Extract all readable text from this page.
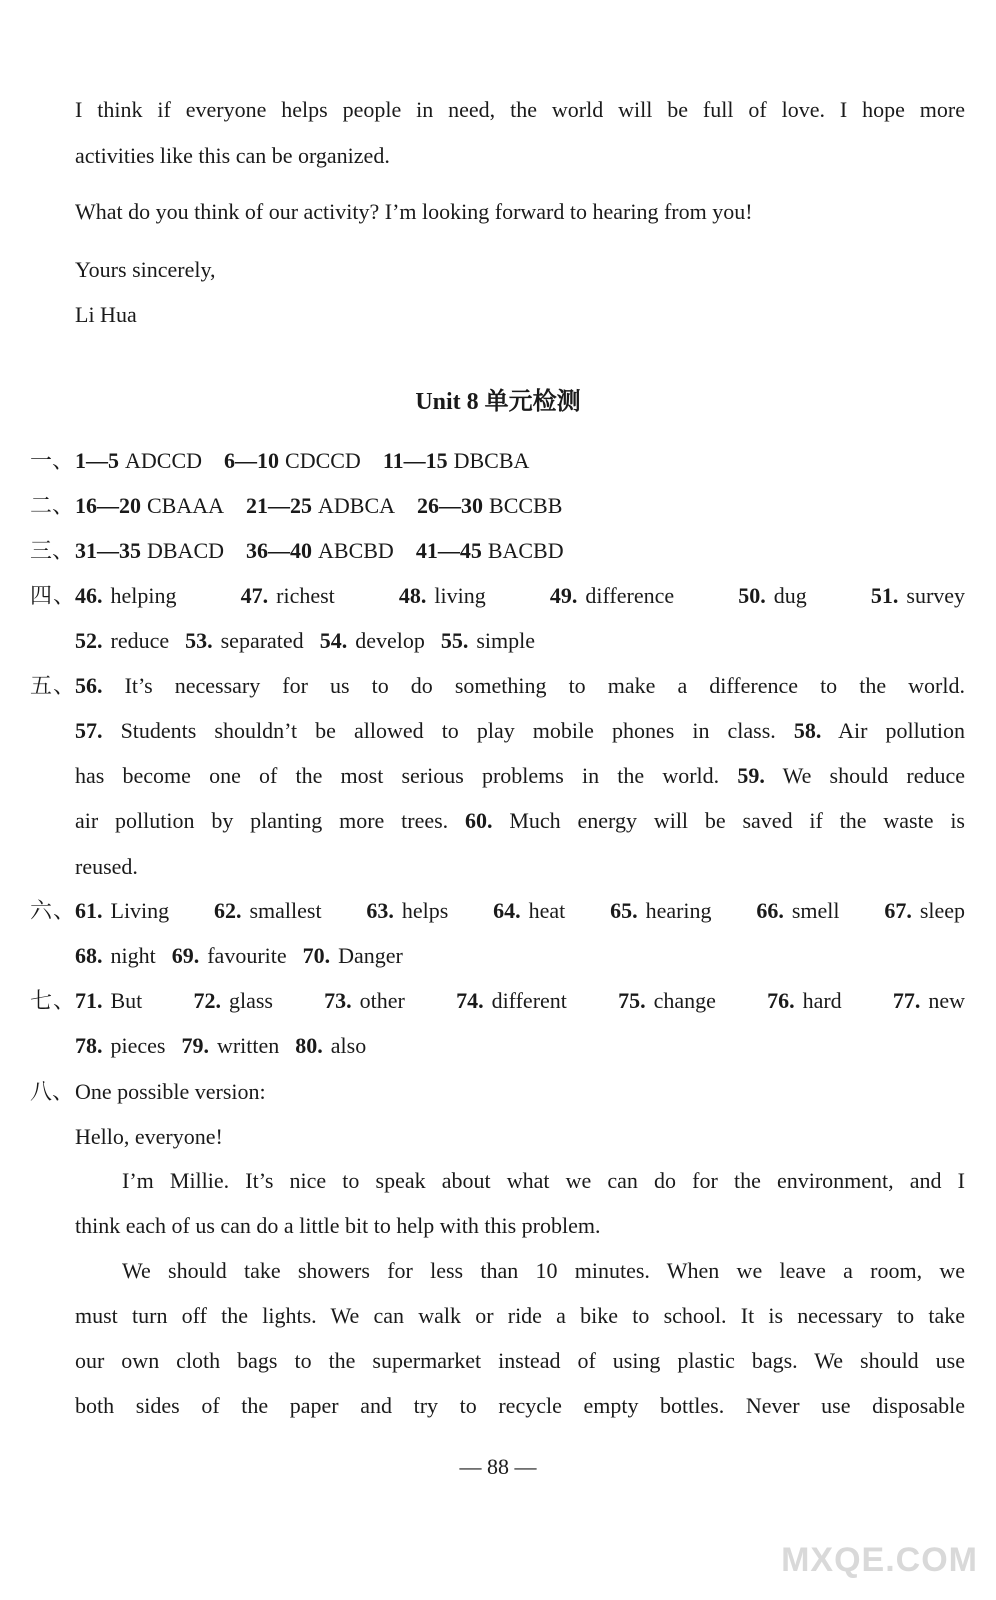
I think if everyone helps people in need, the world will be full of love. I hope more
activities like this can be organized.
What do you think of our activity? I’m looking forward to hearing from you!
Yours sincerely,
Li Hua
Unit 8 单元检测
一、1—5 ADCCD 6—10 CDCCD 11—15 DBCBA
二、16—20 CBAAA 21—25 ADBCA 26—30 BCCBB
三、31—35 DBACD 36—40 ABCBD 41—45 BACBD
四、46. helping	47. richest	48. living	49. difference	50. dug	51. survey
52. reduce 53. separated 54. develop 55. simple
五、56. It’s necessary for us to do something to make a difference to the world.
57. Students shouldn’t be allowed to play mobile phones in class. 58. Air pollution
has become one of the most serious problems in the world. 59. We should reduce
air pollution by planting more trees. 60. Much energy will be saved if the waste is
reused.
六、61. Living 62. smallest 63. helps 64. heat 65. hearing 66. smell 67. sleep
68. night 69. favourite 70. Danger
七、71. But 72. glass 73. other 74. different 75. change 76. hard 77. new
78. pieces 79. written 80. also
八、One possible version:
Hello, everyone!
I’m Millie. It’s nice to speak about what we can do for the environment, and I
think each of us can do a little bit to help with this problem.
We should take showers for less than 10 minutes. When we leave a room, we
must turn off the lights. We can walk or ride a bike to school. It is necessary to take
our own cloth bags to the supermarket instead of using plastic bags. We should use
both sides of the paper and try to recycle empty bottles. Never use disposable
— 88 —
MXQE.COM
